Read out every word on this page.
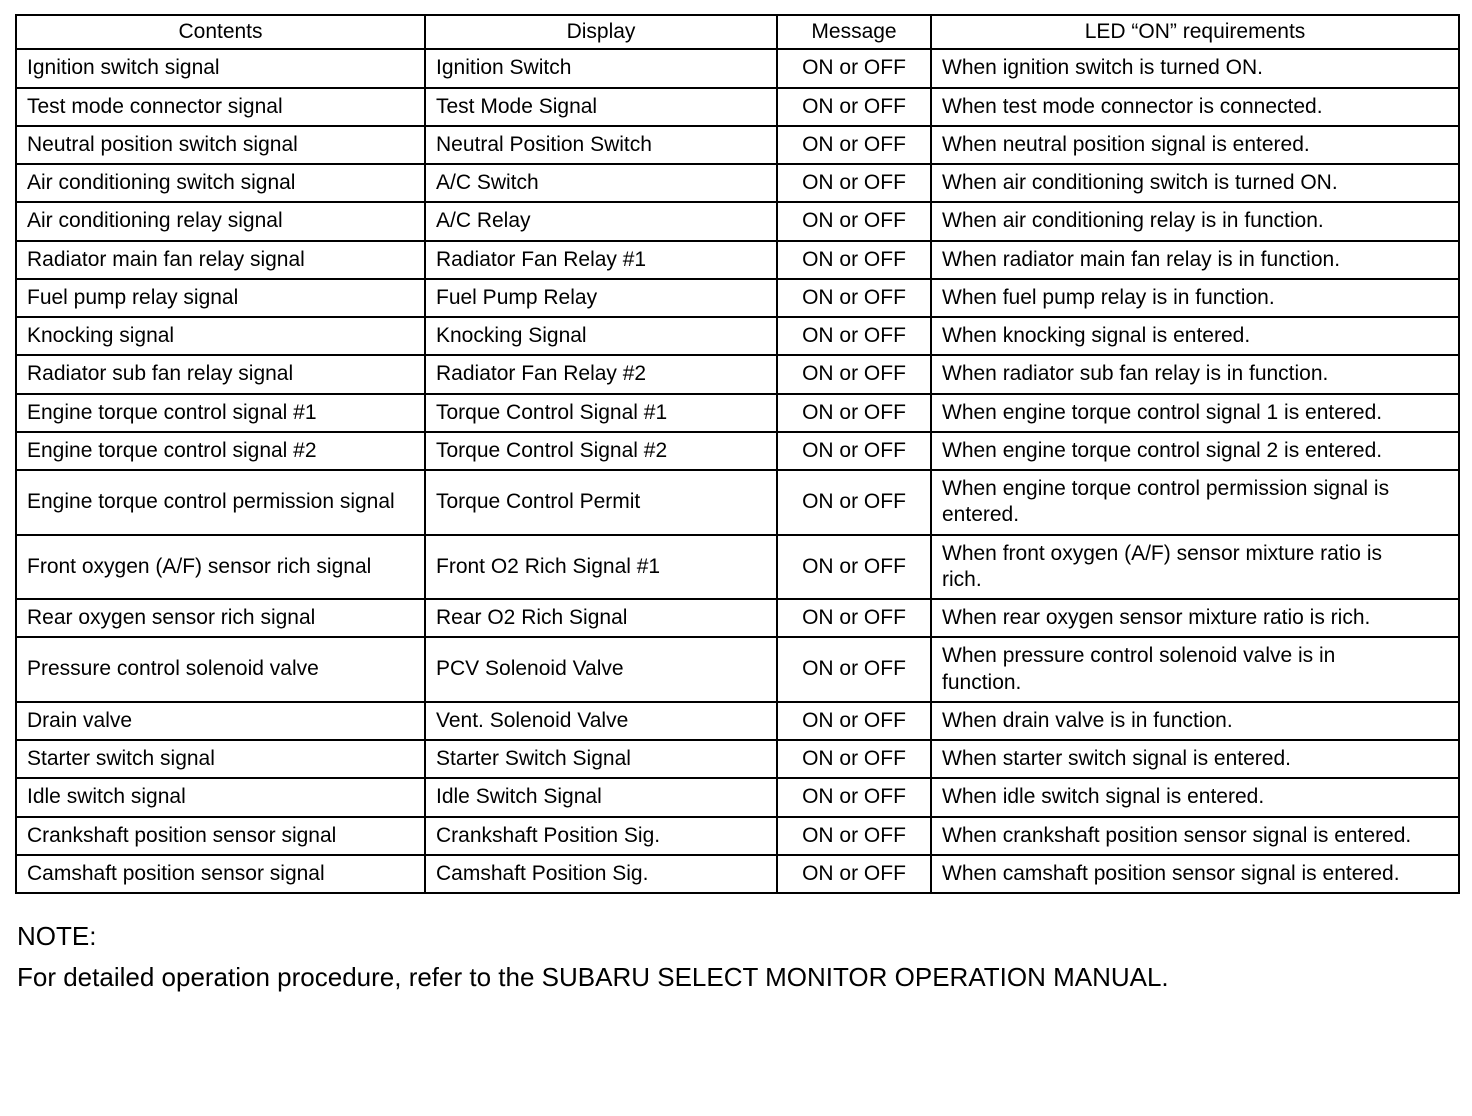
Contents	Display	Message	LED “ON” requirements
Ignition switch signal	Ignition Switch	ON or OFF	When ignition switch is turned ON.
Test mode connector signal	Test Mode Signal	ON or OFF	When test mode connector is connected.
Neutral position switch signal	Neutral Position Switch	ON or OFF	When neutral position signal is entered.
Air conditioning switch signal	A/C Switch	ON or OFF	When air conditioning switch is turned ON.
Air conditioning relay signal	A/C Relay	ON or OFF	When air conditioning relay is in function.
Radiator main fan relay signal	Radiator Fan Relay #1	ON or OFF	When radiator main fan relay is in function.
Fuel pump relay signal	Fuel Pump Relay	ON or OFF	When fuel pump relay is in function.
Knocking signal	Knocking Signal	ON or OFF	When knocking signal is entered.
Radiator sub fan relay signal	Radiator Fan Relay #2	ON or OFF	When radiator sub fan relay is in function.
Engine torque control signal #1	Torque Control Signal #1	ON or OFF	When engine torque control signal 1 is entered.
Engine torque control signal #2	Torque Control Signal #2	ON or OFF	When engine torque control signal 2 is entered.
Engine torque control permission signal	Torque Control Permit	ON or OFF	When engine torque control permission signal is entered.
Front oxygen (A/F) sensor rich signal	Front O2 Rich Signal #1	ON or OFF	When front oxygen (A/F) sensor mixture ratio is rich.
Rear oxygen sensor rich signal	Rear O2 Rich Signal	ON or OFF	When rear oxygen sensor mixture ratio is rich.
Pressure control solenoid valve	PCV Solenoid Valve	ON or OFF	When pressure control solenoid valve is in function.
Drain valve	Vent. Solenoid Valve	ON or OFF	When drain valve is in function.
Starter switch signal	Starter Switch Signal	ON or OFF	When starter switch signal is entered.
Idle switch signal	Idle Switch Signal	ON or OFF	When idle switch signal is entered.
Crankshaft position sensor signal	Crankshaft Position Sig.	ON or OFF	When crankshaft position sensor signal is entered.
Camshaft position sensor signal	Camshaft Position Sig.	ON or OFF	When camshaft position sensor signal is entered.
NOTE:
For detailed operation procedure, refer to the SUBARU SELECT MONITOR OPERATION MANUAL.
